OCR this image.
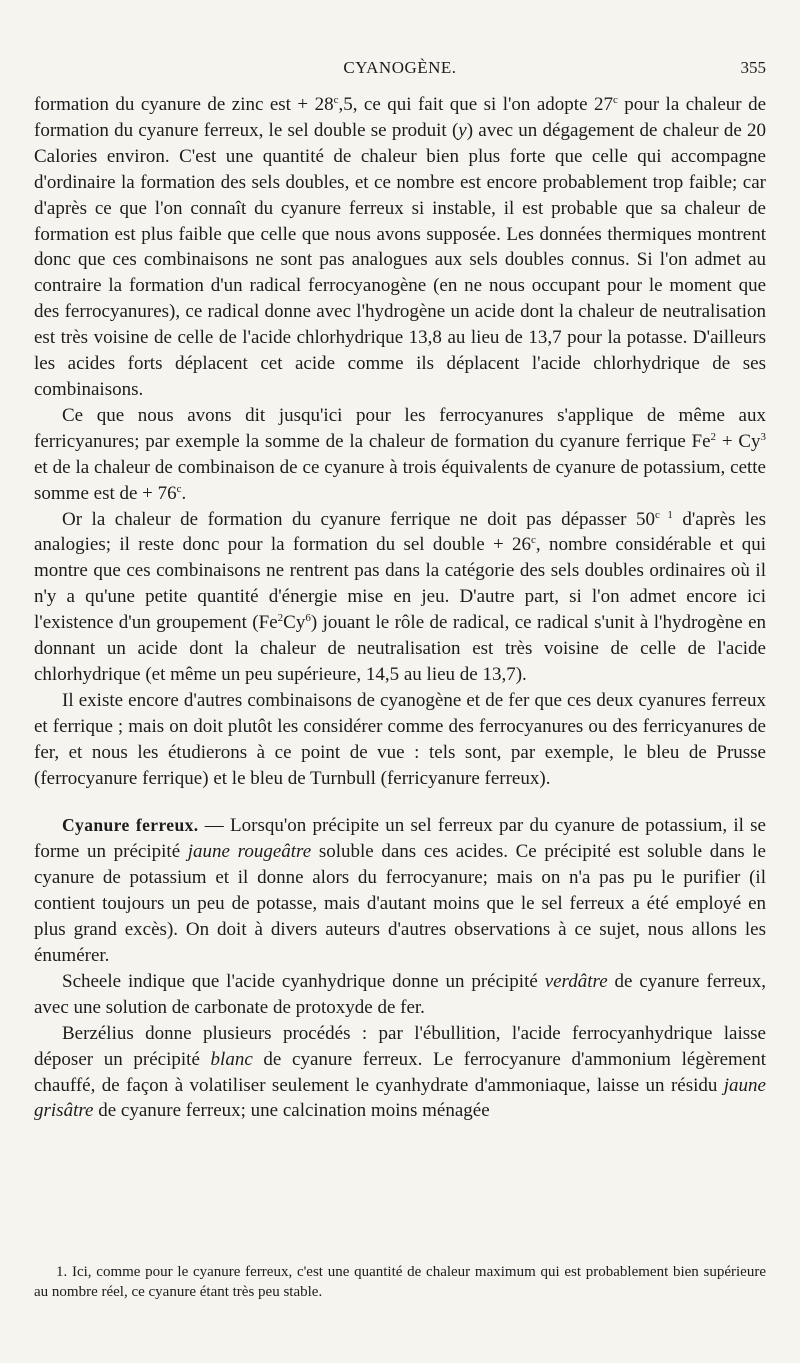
CYANOGÈNE.	355

formation du cyanure de zinc est + $28^c,5$, ce qui fait que si l'on adopte 27$^c$ pour la chaleur de formation du cyanure ferreux, le sel double se produit (y) avec un dégagement de chaleur de 20 Calories environ. C'est une quantité de chaleur bien plus forte que celle qui accompagne d'ordinaire la formation des sels doubles, et ce nombre est encore probablement trop faible; car d'après ce que l'on connaît du cyanure ferreux si instable, il est probable que sa chaleur de formation est plus faible que celle que nous avons supposée. Les données thermiques montrent donc que ces combinaisons ne sont pas analogues aux sels doubles connus. Si l'on admet au contraire la formation d'un radical ferrocyanogène (en ne nous occupant pour le moment que des ferrocyanures), ce radical donne avec l'hydrogène un acide dont la chaleur de neutralisation est très voisine de celle de l'acide chlorhydrique 13,8 au lieu de 13,7 pour la potasse. D'ailleurs les acides forts déplacent cet acide comme ils déplacent l'acide chlorhydrique de ses combinaisons.

Ce que nous avons dit jusqu'ici pour les ferrocyanures s'applique de même aux ferricyanures; par exemple la somme de la chaleur de formation du cyanure ferrique $Fe^2 + Cy^3$ et de la chaleur de combinaison de ce cyanure à trois équivalents de cyanure de potassium, cette somme est de + $76^c$.

Or la chaleur de formation du cyanure ferrique ne doit pas dépasser $50^{c 1}$ d'après les analogies; il reste donc pour la formation du sel double + $26^c$, nombre considérable et qui montre que ces combinaisons ne rentrent pas dans la catégorie des sels doubles ordinaires où il n'y a qu'une petite quantité d'énergie mise en jeu. D'autre part, si l'on admet encore ici l'existence d'un groupement (Fe$^2$Cy$^6$) jouant le rôle de radical, ce radical s'unit à l'hydrogène en donnant un acide dont la chaleur de neutralisation est très voisine de celle de l'acide chlorhydrique (et même un peu supérieure, 14,5 au lieu de 13,7).

Il existe encore d'autres combinaisons de cyanogène et de fer que ces deux cyanures ferreux et ferrique ; mais on doit plutôt les considérer comme des ferrocyanures ou des ferricyanures de fer, et nous les étudierons à ce point de vue : tels sont, par exemple, le bleu de Prusse (ferrocyanure ferrique) et le bleu de Turnbull (ferricyanure ferreux).

Cyanure ferreux. — Lorsqu'on précipite un sel ferreux par du cyanure de potassium, il se forme un précipité jaune rougeâtre soluble dans ces acides. Ce précipité est soluble dans le cyanure de potassium et il donne alors du ferrocyanure; mais on n'a pas pu le purifier (il contient toujours un peu de potasse, mais d'autant moins que le sel ferreux a été employé en plus grand excès). On doit à divers auteurs d'autres observations à ce sujet, nous allons les énumérer.

Scheele indique que l'acide cyanhydrique donne un précipité verdâtre de cyanure ferreux, avec une solution de carbonate de protoxyde de fer.

Berzélius donne plusieurs procédés : par l'ébullition, l'acide ferrocyanhydrique laisse déposer un précipité blanc de cyanure ferreux. Le ferrocyanure d'ammonium légèrement chauffé, de façon à volatiliser seulement le cyanhydrate d'ammoniaque, laisse un résidu jaune grisâtre de cyanure ferreux; une calcination moins ménagée

1. Ici, comme pour le cyanure ferreux, c'est une quantité de chaleur maximum qui est probablement bien supérieure au nombre réel, ce cyanure étant très peu stable.
